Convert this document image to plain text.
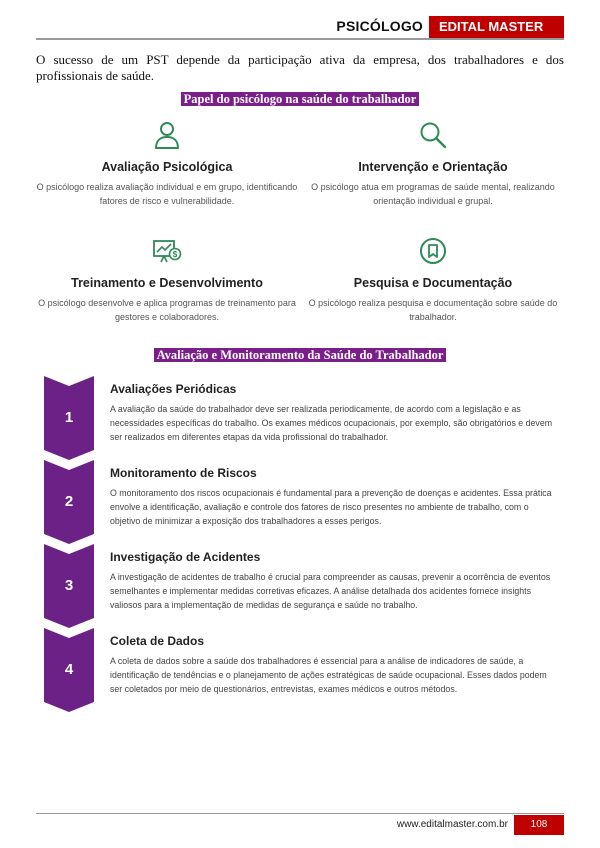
PSICÓLOGO	EDITAL MASTER
O sucesso de um PST depende da participação ativa da empresa, dos trabalhadores e dos profissionais de saúde.
Papel do psicólogo na saúde do trabalhador
Avaliação Psicológica

O psicólogo realiza avaliação individual e em grupo, identificando fatores de risco e vulnerabilidade.

Intervenção e Orientação

O psicólogo atua em programas de saúde mental, realizando orientação individual e grupal.

$
Treinamento e Desenvolvimento

O psicólogo desenvolve e aplica programas de treinamento para gestores e colaboradores.

Pesquisa e Documentação

O psicólogo realiza pesquisa e documentação sobre saúde do trabalhador.

Avaliação e Monitoramento da Saúde do Trabalhador
1
Avaliações Periódicas

A avaliação da saúde do trabalhador deve ser realizada periodicamente, de acordo com a legislação e as necessidades específicas do trabalho. Os exames médicos ocupacionais, por exemplo, são obrigatórios e devem ser realizados em diferentes etapas da vida profissional do trabalhador.

2
Monitoramento de Riscos

O monitoramento dos riscos ocupacionais é fundamental para a prevenção de doenças e acidentes. Essa prática envolve a identificação, avaliação e controle dos fatores de risco presentes no ambiente de trabalho, com o objetivo de minimizar a exposição dos trabalhadores a esses perigos.

3
Investigação de Acidentes

A investigação de acidentes de trabalho é crucial para compreender as causas, prevenir a ocorrência de eventos semelhantes e implementar medidas corretivas eficazes. A análise detalhada dos acidentes fornece insights valiosos para a implementação de medidas de segurança e saúde no trabalho.

4
Coleta de Dados

A coleta de dados sobre a saúde dos trabalhadores é essencial para a análise de indicadores de saúde, a identificação de tendências e o planejamento de ações estratégicas de saúde ocupacional. Esses dados podem ser coletados por meio de questionários, entrevistas, exames médicos e outros métodos.

www.editalmaster.com.br	108
